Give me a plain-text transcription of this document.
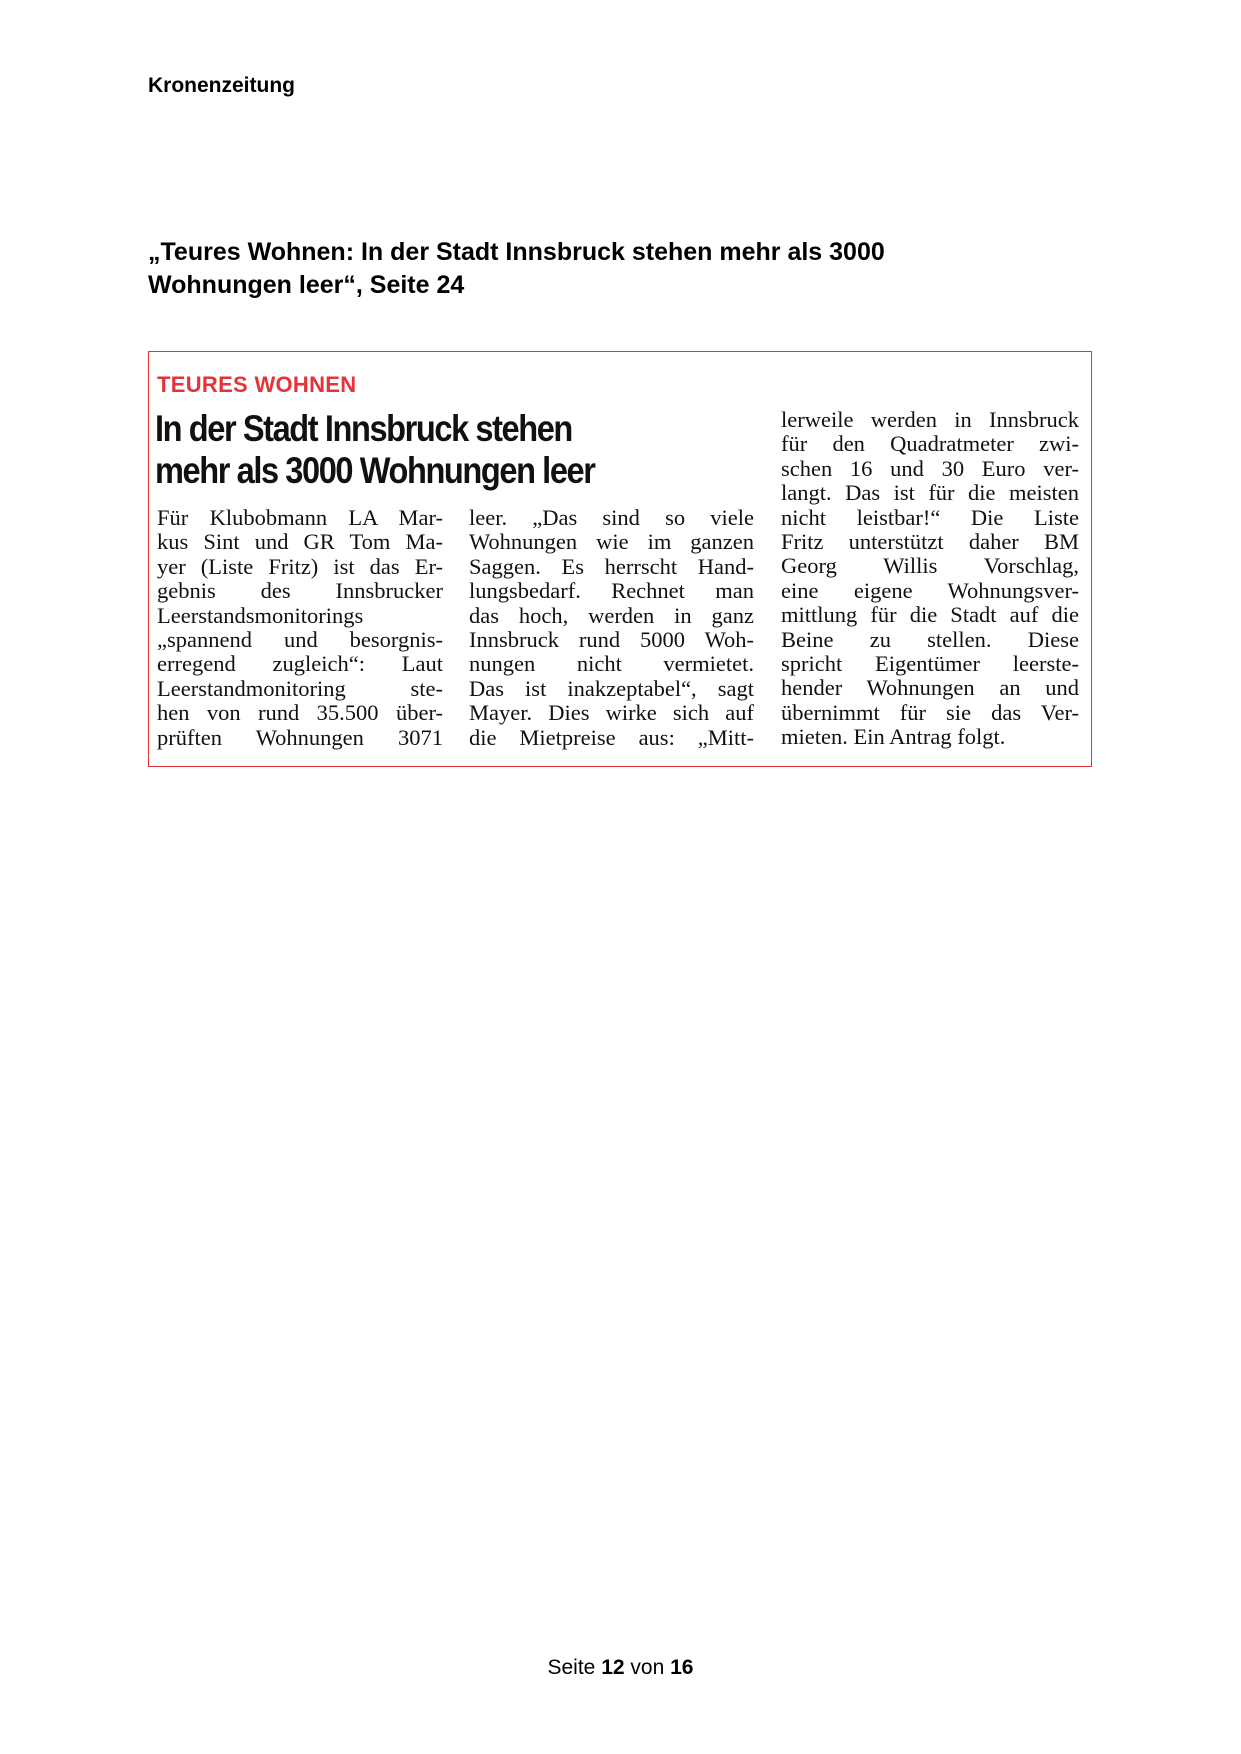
Kronenzeitung
„Teures Wohnen: In der Stadt Innsbruck stehen mehr als 3000 Wohnungen leer“, Seite 24
TEURES WOHNEN
In der Stadt Innsbruck stehen
mehr als 3000 Wohnungen leer
Für Klubobmann LA Mar-
kus Sint und GR Tom Ma-
yer (Liste Fritz) ist das Er-
gebnis des Innsbrucker
Leerstandsmonitorings
„spannend und besorgnis-
erregend zugleich“: Laut
Leerstandmonitoring ste-
hen von rund 35.500 über-
prüften Wohnungen 3071
leer. „Das sind so viele
Wohnungen wie im ganzen
Saggen. Es herrscht Hand-
lungsbedarf. Rechnet man
das hoch, werden in ganz
Innsbruck rund 5000 Woh-
nungen nicht vermietet.
Das ist inakzeptabel“, sagt
Mayer. Dies wirke sich auf
die Mietpreise aus: „Mitt-
lerweile werden in Innsbruck
für den Quadratmeter zwi-
schen 16 und 30 Euro ver-
langt. Das ist für die meisten
nicht leistbar!“ Die Liste
Fritz unterstützt daher BM
Georg Willis Vorschlag,
eine eigene Wohnungsver-
mittlung für die Stadt auf die
Beine zu stellen. Diese
spricht Eigentümer leerste-
hender Wohnungen an und
übernimmt für sie das Ver-
mieten. Ein Antrag folgt.
Seite 12 von 16
